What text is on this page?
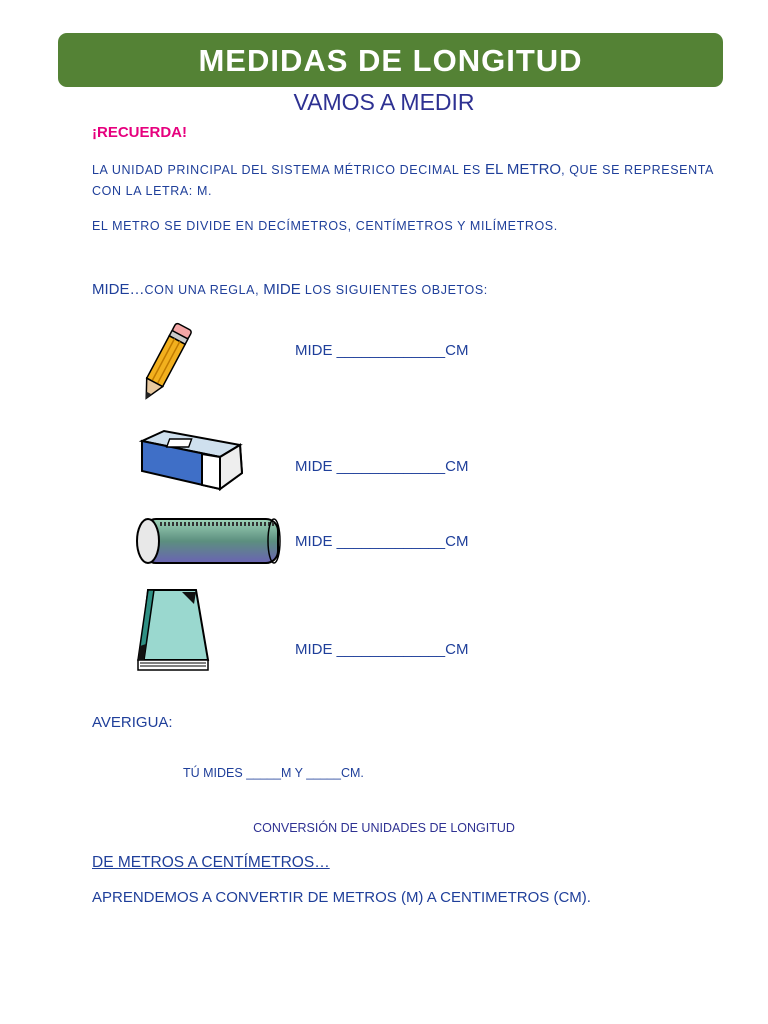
MEDIDAS DE LONGITUD
VAMOS A MEDIR
¡RECUERDA!
LA UNIDAD PRINCIPAL DEL SISTEMA MÉTRICO DECIMAL ES EL METRO, QUE SE REPRESENTA
CON LA LETRA: M.
EL METRO SE DIVIDE EN DECÍMETROS, CENTÍMETROS Y MILÍMETROS.
MIDE…CON UNA REGLA, MIDE LOS SIGUIENTES OBJETOS:
MIDE _____________CM
MIDE _____________CM
MIDE _____________CM
MIDE _____________CM
AVERIGUA:
TÚ MIDES _____M Y _____CM.
CONVERSIÓN DE UNIDADES DE LONGITUD
DE METROS A CENTÍMETROS…
APRENDEMOS A CONVERTIR DE METROS (M) A CENTIMETROS (CM).
